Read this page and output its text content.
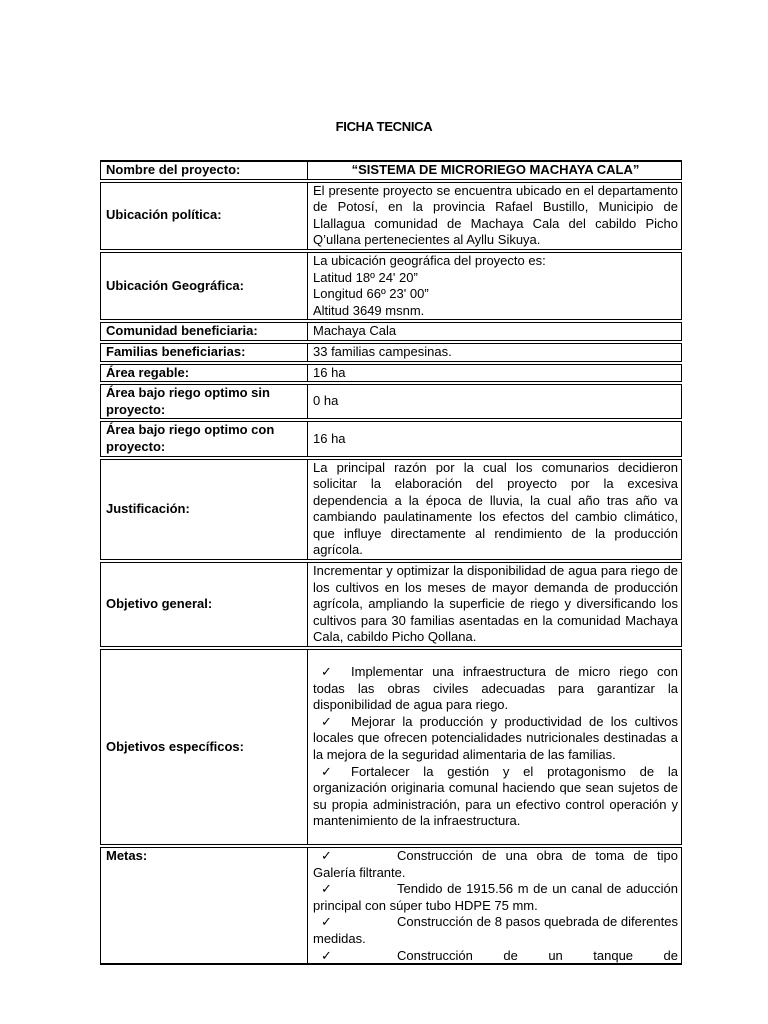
FICHA TECNICA
Nombre del proyecto:	“SISTEMA DE MICRORIEGO MACHAYA CALA”
Ubicación política:	El presente proyecto se encuentra ubicado en el departamento de Potosí, en la provincia Rafael Bustillo, Municipio de Llallagua comunidad de Machaya Cala del cabildo Picho Q’ullana pertenecientes al Ayllu Sikuya.
Ubicación Geográfica:	La ubicación geográfica del proyecto es:
Latitud 18º 24' 20”
Longitud 66º 23' 00”
Altitud 3649 msnm.

Comunidad beneficiaria:	Machaya Cala
Familias beneficiarias:	33 familias campesinas.
Área regable:	16 ha
Área bajo riego optimo sin proyecto:	0 ha
Área bajo riego optimo con proyecto:	16 ha
Justificación:	La principal razón por la cual los comunarios decidieron solicitar la elaboración del proyecto por la excesiva dependencia a la época de lluvia, la cual año tras año va cambiando paulatinamente los efectos del cambio climático, que influye directamente al rendimiento de la producción agrícola.
Objetivo general:	Incrementar y optimizar la disponibilidad de agua para riego de los cultivos en los meses de mayor demanda de producción agrícola, ampliando la superficie de riego y diversificando los cultivos para 30 familias asentadas en la comunidad Machaya Cala, cabildo Picho Qollana.
Objetivos específicos:	✓ Implementar una infraestructura de micro riego con todas las obras civiles adecuadas para garantizar la disponibilidad de agua para riego.
✓ Mejorar la producción y productividad de los cultivos locales que ofrecen potencialidades nutricionales destinadas a la mejora de la seguridad alimentaria de las familias.
✓ Fortalecer la gestión y el protagonismo de la organización originaria comunal haciendo que sean sujetos de su propia administración, para un efectivo control operación y mantenimiento de la infraestructura.

Metas:	✓ Construcción de una obra de toma de tipo Galería filtrante.
✓ Tendido de 1915.56 m de un canal de aducción principal con súper tubo HDPE 75 mm.
✓ Construcción de 8 pasos quebrada de diferentes medidas.
✓ Construcción de un tanque de
